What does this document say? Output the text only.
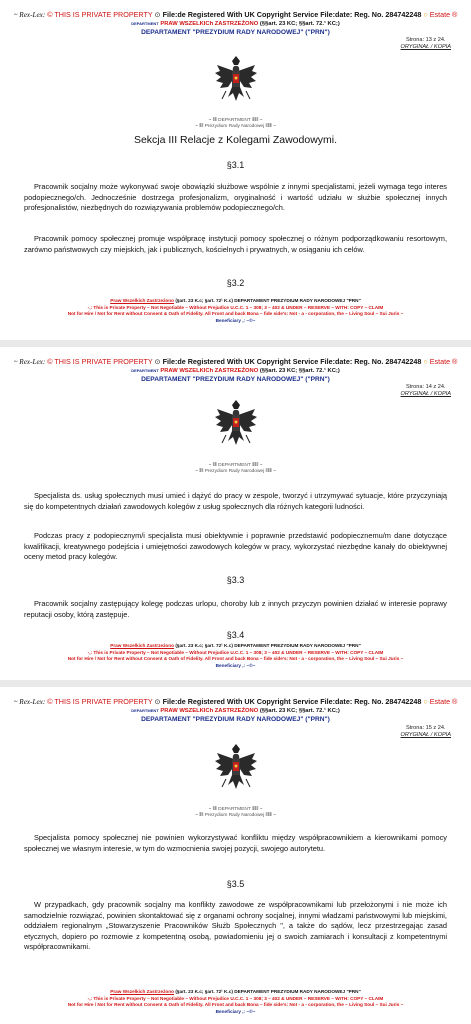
~ Rex-Lex: © THIS IS PRIVATE PROPERTY ⊙ File:de Registered With UK Copyright Service File:date: Reg. No. 284742248 ○ Estate ®
DEPARTMENT PRAW WSZELKICh ZASTRZEŻONO (§§art. 23 KC; §§art. 72.¹ KC;)
DEPARTAMENT "PREZYDIUM RADY NARODOWEJ" ("PRN")
Strona: 13 z 24.
ORYGINAŁ / KOPIA
~ ⦀⦀ DEPARTMENT ⦀⦀⦀ ~
~ ⦀⦀ Prezydium Rady Narodowej ⦀⦀⦀ ~
Sekcja III Relacje z Kolegami Zawodowymi.
§3.1
Pracownik socjalny może wykonywać swoje obowiązki służbowe wspólnie z innymi specjalistami, jeżeli wymaga tego interes podopiecznego/ch. Jednocześnie dostrzega profesjonalizm, oryginalność i wartość udziału w służbie społecznej innych profesjonalistów, niezbędnych do rozwiązywania problemów podopiecznego/ch.
Pracownik pomocy społecznej promuje współpracę instytucji pomocy społecznej o różnym podporządkowaniu resortowym, zarówno państwowych czy miejskich, jak i publicznych, kościelnych i prywatnych, w osiąganiu ich celów.
§3.2
Praw Wszelkich Zastrzeżono (§art. 23 K.c; §art. 72¹ K.c) DEPARTAMENT PREZYDIUM RADY NARODOWEJ "PRN"
-,: This is Private Property – Not Negotiable – Without Prejudice U.C.C. 1 – 308; 3 – 402 & UNDER – RESERVE – WITH: COPY – CLAIM
Not for Hire / Not for Rent without Consent & Oath of Fidelity. All Front and back Bona – fide side's: Not - a - corporation, the – Living Soul – Sui Juris –
Beneficiary ,: ~©~
~ Rex-Lex: © THIS IS PRIVATE PROPERTY ⊙ File:de Registered With UK Copyright Service File:date: Reg. No. 284742248 ○ Estate ®
DEPARTMENT PRAW WSZELKICh ZASTRZEŻONO (§§art. 23 KC; §§art. 72.¹ KC;)
DEPARTAMENT "PREZYDIUM RADY NARODOWEJ" ("PRN")
Strona: 14 z 24.
ORYGINAŁ / KOPIA
~ ⦀⦀ DEPARTMENT ⦀⦀⦀ ~
~ ⦀⦀ Prezydium Rady Narodowej ⦀⦀⦀ ~
Specjalista ds. usług społecznych musi umieć i dążyć do pracy w zespole, tworzyć i utrzymywać sytuacje, które przyczyniają się do kompetentnych działań zawodowych kolegów z usług społecznych dla różnych kategorii ludności.
Podczas pracy z podopiecznym/i specjalista musi obiektywnie i poprawnie przedstawić podopiecznemu/m dane dotyczące kwalifikacji, kreatywnego podejścia i umiejętności zawodowych kolegów w pracy, wykorzystać niezbędne kanały do obiektywnej oceny metod pracy kolegów.
§3.3
Pracownik socjalny zastępujący kolegę podczas urlopu, choroby lub z innych przyczyn powinien działać w interesie poprawy reputacji osoby, którą zastępuje.
§3.4
Praw Wszelkich Zastrzeżono (§art. 23 K.c; §art. 72¹ K.c) DEPARTAMENT PREZYDIUM RADY NARODOWEJ "PRN"
-,: This is Private Property – Not Negotiable – Without Prejudice U.C.C. 1 – 308; 3 – 402 & UNDER – RESERVE – WITH: COPY – CLAIM
Not for Hire / Not for Rent without Consent & Oath of Fidelity. All Front and back Bona – fide side's: Not - a - corporation, the – Living Soul – Sui Juris –
Beneficiary ,: ~©~
~ Rex-Lex: © THIS IS PRIVATE PROPERTY ⊙ File:de Registered With UK Copyright Service File:date: Reg. No. 284742248 ○ Estate ®
DEPARTMENT PRAW WSZELKICh ZASTRZEŻONO (§§art. 23 KC; §§art. 72.¹ KC;)
DEPARTAMENT "PREZYDIUM RADY NARODOWEJ" ("PRN")
Strona: 15 z 24.
ORYGINAŁ / KOPIA
~ ⦀⦀ DEPARTMENT ⦀⦀⦀ ~
~ ⦀⦀ Prezydium Rady Narodowej ⦀⦀⦀ ~
Specjalista pomocy społecznej nie powinien wykorzystywać konfliktu między współpracownikiem a kierownikami pomocy społecznej we własnym interesie, w tym do wzmocnienia swojej pozycji, swojego autorytetu.
§3.5
W przypadkach, gdy pracownik socjalny ma konflikty zawodowe ze współpracownikami lub przełożonymi i nie może ich samodzielnie rozwiązać, powinien skontaktować się z organami ochrony socjalnej, innymi władzami państwowymi lub miejskimi, oddziałem regionalnym „Stowarzyszenie Pracowników Służb Społecznych ", a także do sądów, lecz przestrzegając zasad etycznych, dopiero po rozmowie z kompetentną osobą, powiadomieniu jej o swoich zamiarach i konsultacji z kompetentnymi współpracownikami.
Praw Wszelkich Zastrzeżono (§art. 23 K.c; §art. 72¹ K.c) DEPARTAMENT PREZYDIUM RADY NARODOWEJ "PRN"
-,: This is Private Property – Not Negotiable – Without Prejudice U.C.C. 1 – 308; 3 – 402 & UNDER – RESERVE – WITH: COPY – CLAIM
Not for Hire / Not for Rent without Consent & Oath of Fidelity. All Front and back Bona – fide side's: Not - a - corporation, the – Living Soul – Sui Juris –
Beneficiary ,: ~©~
